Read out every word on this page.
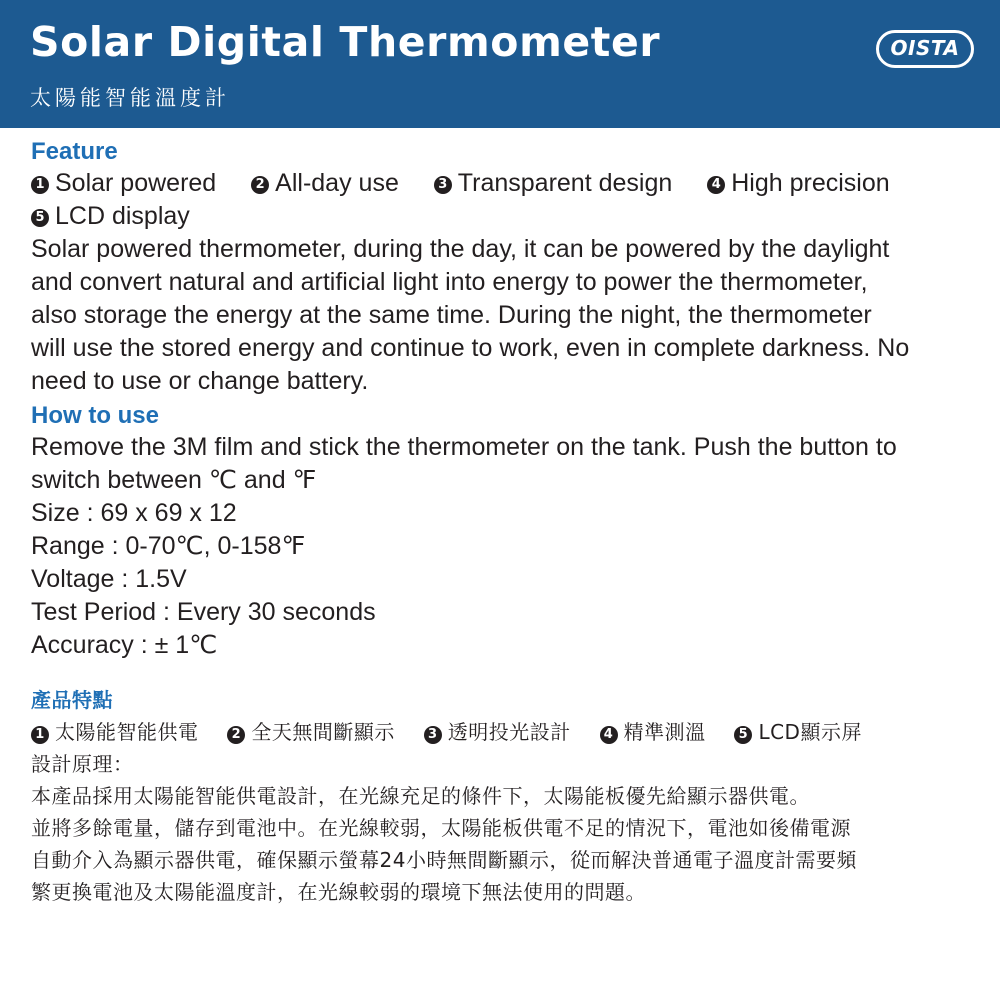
Solar Digital Thermometer
太陽能智能溫度計
OISTA
Feature
1 Solar powered	2 All-day use	3 Transparent design	4 High precision
5 LCD display
Solar powered thermometer, during the day, it can be powered by the daylight
and convert natural and artificial light into energy to power the thermometer,
also storage the energy at the same time. During the night, the thermometer
will use the stored energy and continue to work, even in complete darkness. No
need to use or change battery.
How to use
Remove the 3M film and stick the thermometer on the tank. Push the button to
switch between ℃ and ℉
Size : 69 x 69 x 12
Range : 0-70℃, 0-158℉
Voltage : 1.5V
Test Period : Every 30 seconds
Accuracy : ± 1℃
產品特點
1 太陽能智能供電	2 全天無間斷顯示	3 透明投光設計	4 精準測溫	5 LCD顯示屏
設計原理：
本產品採用太陽能智能供電設計，在光線充足的條件下，太陽能板優先給顯示器供電。
並將多餘電量，儲存到電池中。在光線較弱，太陽能板供電不足的情況下，電池如後備電源
自動介入為顯示器供電，確保顯示螢幕24小時無間斷顯示，從而解決普通電子溫度計需要頻
繁更換電池及太陽能溫度計，在光線較弱的環境下無法使用的問題。
